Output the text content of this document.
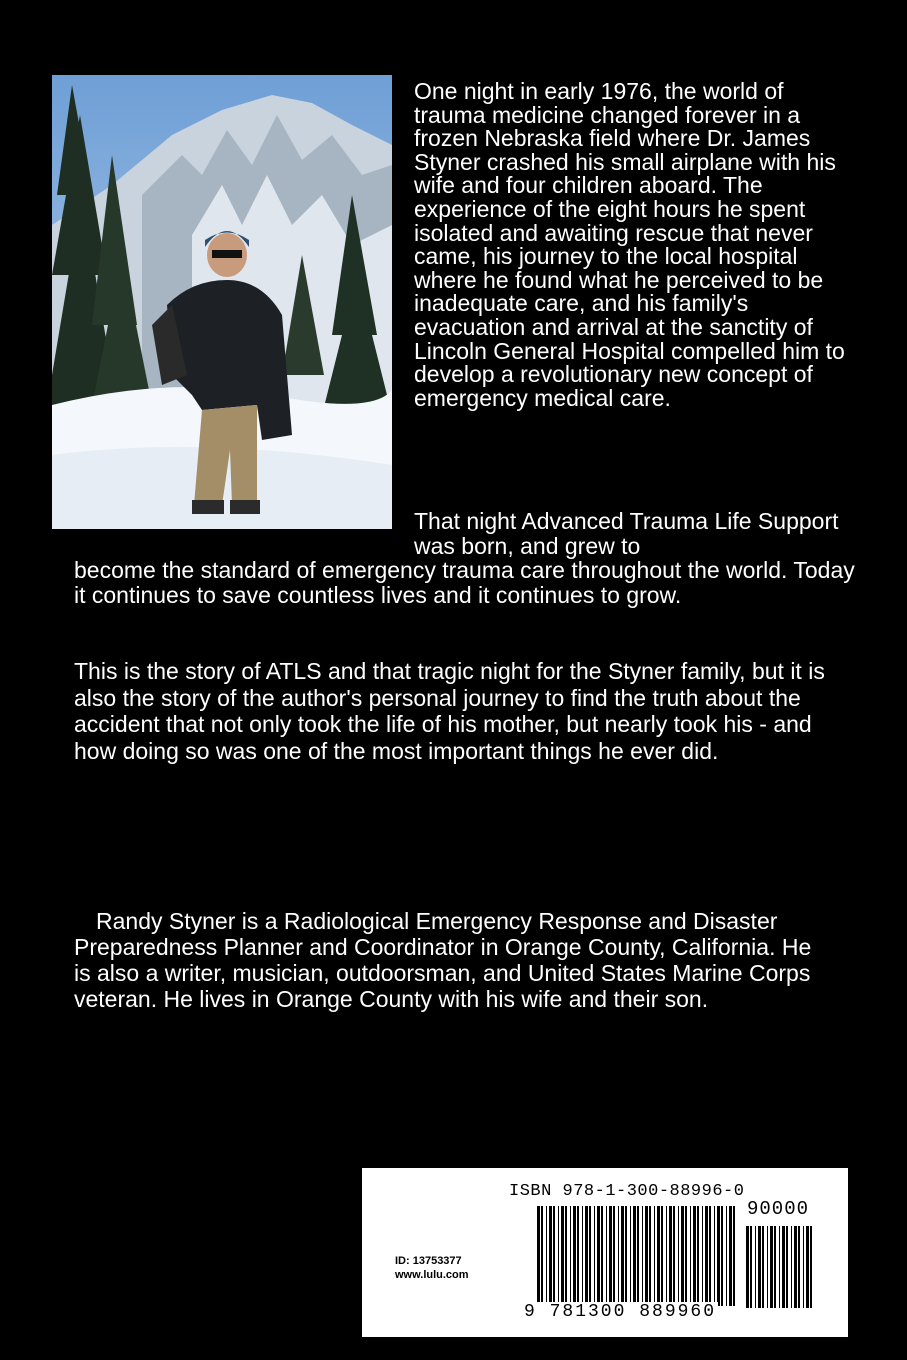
One night in early 1976, the world of trauma medicine changed forever in a frozen Nebraska field where Dr. James Styner crashed his small airplane with his wife and four children aboard. The experience of the eight hours he spent isolated and awaiting rescue that never came, his journey to the local hospital where he found what he perceived to be inadequate care, and his family's evacuation and arrival at the sanctity of Lincoln General Hospital compelled him to develop a revolutionary new concept of emergency medical care.

That night Advanced Trauma Life Support was born, and grew to
become the standard of emergency trauma care throughout the world. Today it continues to save countless lives and it continues to grow.

This is the story of ATLS and that tragic night for the Styner family, but it is also the story of the author's personal journey to find the truth about the accident that not only took the life of his mother, but nearly took his - and how doing so was one of the most important things he ever did.

Randy Styner is a Radiological Emergency Response and Disaster Preparedness Planner and Coordinator in Orange County, California. He is also a writer, musician, outdoorsman, and United States Marine Corps veteran. He lives in Orange County with his wife and their son.

ISBN 978-1-300-88996-0
90000
9 781300 889960
ID: 13753377
www.lulu.com
